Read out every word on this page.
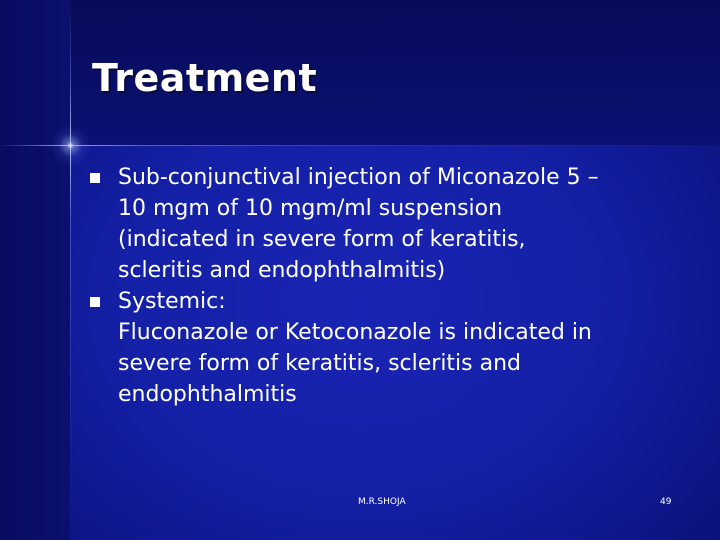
Treatment
Sub-conjunctival injection of Miconazole 5 –
10 mgm of 10 mgm/ml suspension
(indicated in severe form of keratitis,
scleritis and endophthalmitis)
Systemic:
Fluconazole or Ketoconazole is indicated in
severe form of keratitis, scleritis and
endophthalmitis
M.R.SHOJA	49
